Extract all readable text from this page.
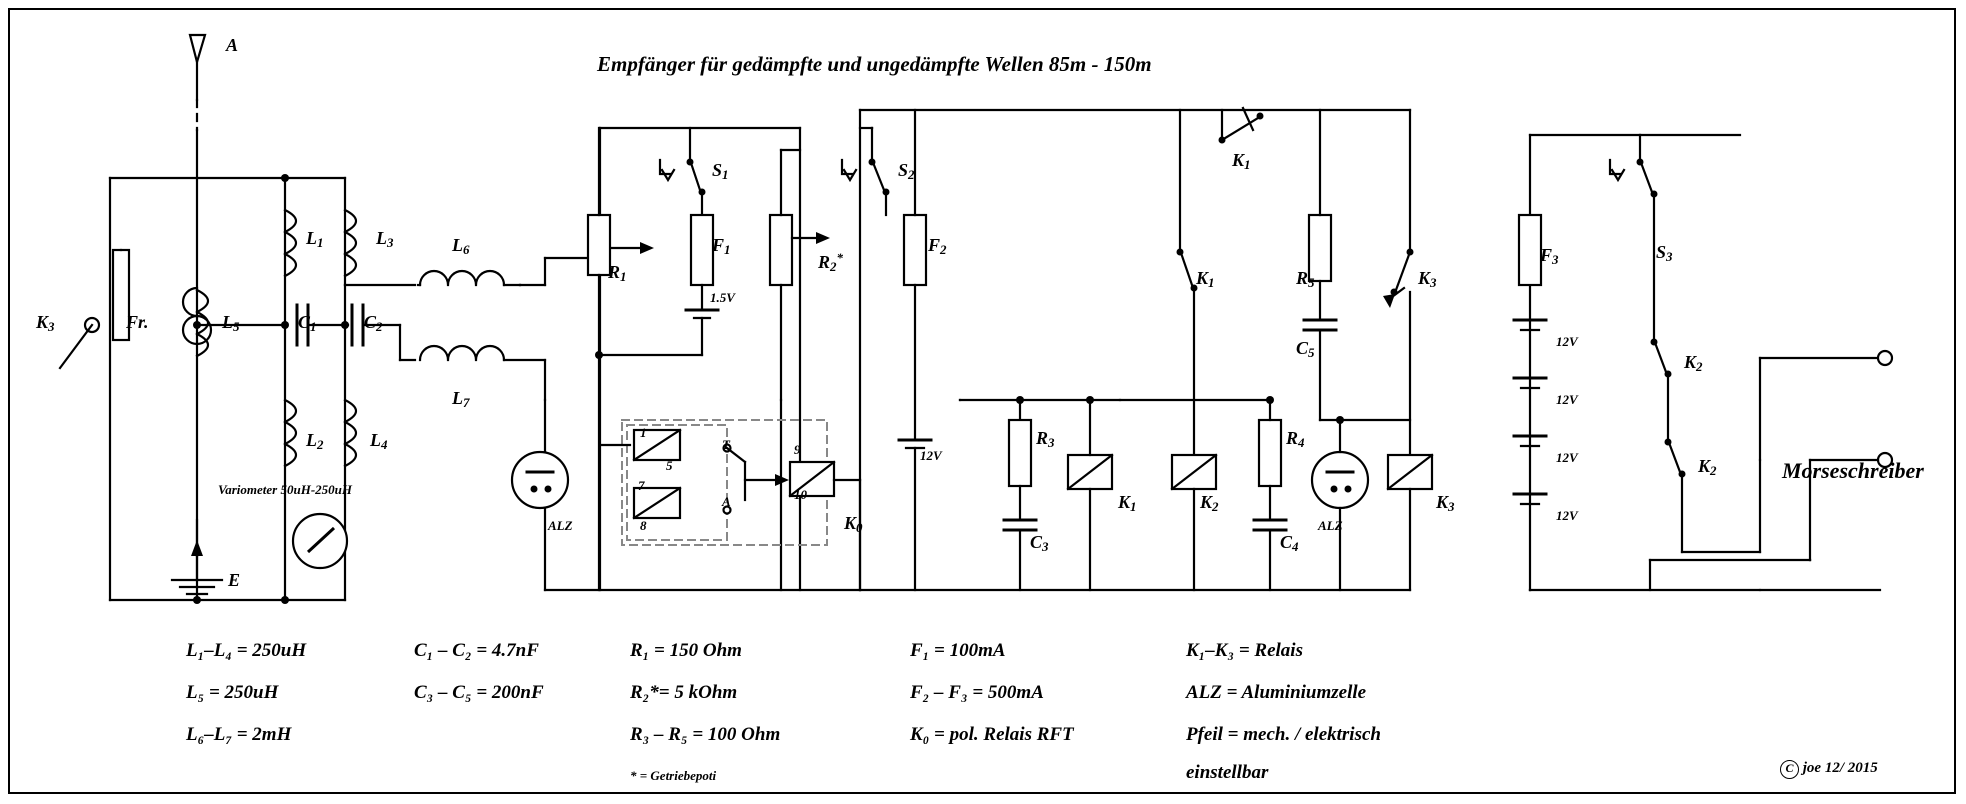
Empfänger für gedämpfte und ungedämpfte Wellen 85m - 150m
A
E
$K_3$	Fr.
$L_1$
$L_2$
$L_3$
$L_4$
$L_5$
$L_6$
$L_7$
$C_1$	$C_2$
Variometer 50uH-250uH
$R_1$
$S_1$
$F_1$
1.5V
$R_2^*$
ALZ
1
5
7
8
T
A
9
10
$K_0$
$S_2$
$F_2$
12V
$R_3$
$C_3$
$K_1$	$K_2$
$R_4$
$C_4$
$K_3$
ALZ
$K_1$
$K_1$
$K_3$
$R_5$
$C_5$
$F_3$	$S_3$
12V
12V
12V
12V
$K_2$
$K_2$	Morseschreiber
L₁–L₄ = 250uH
L₅ = 250uH
L₆–L₇ = 2mH
C₁ – C₂ = 4.7nF
C₃ – C₅ = 200nF
R₁ = 150 Ohm
R₂*= 5 kOhm
R₃ – R₅ = 100 Ohm
* = Getriebepoti
F₁ = 100mA
F₂ – F₃ = 500mA
K₀ = pol. Relais RFT
K₁–K₃ = Relais
ALZ = Aluminiumzelle
Pfeil = mech. / elektrisch
einstellbar	C joe 12/ 2015
